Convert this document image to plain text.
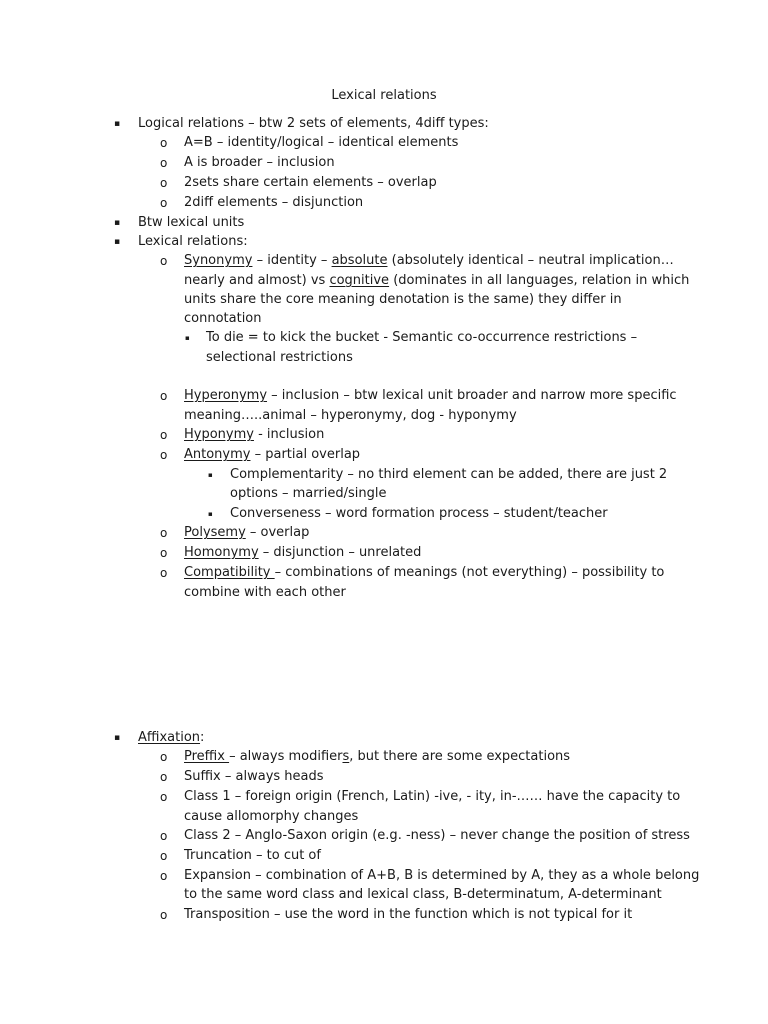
Lexical relations
▪ Logical relations – btw 2 sets of elements, 4diff types:
o A=B – identity/logical – identical elements
o A is broader – inclusion
o 2sets share certain elements – overlap
o 2diff elements – disjunction
▪ Btw lexical units
▪ Lexical relations:
o Synonymy – identity – absolute (absolutely identical – neutral implication…
nearly and almost) vs cognitive (dominates in all languages, relation in which
units share the core meaning denotation is the same) they differ in
connotation
▪ To die = to kick the bucket - Semantic co-occurrence restrictions –
selectional restrictions
o Hyperonymy – inclusion – btw lexical unit broader and narrow more specific
meaning…..animal – hyperonymy, dog - hyponymy
o Hyponymy - inclusion
o Antonymy – partial overlap
▪ Complementarity – no third element can be added, there are just 2
options – married/single
▪ Converseness – word formation process – student/teacher
o Polysemy – overlap
o Homonymy – disjunction – unrelated
o Compatibility – combinations of meanings (not everything) – possibility to
combine with each other
▪ Affixation:
o Preffix – always modifiers, but there are some expectations
o Suffix – always heads
o Class 1 – foreign origin (French, Latin) -ive, - ity, in-…… have the capacity to
cause allomorphy changes
o Class 2 – Anglo-Saxon origin (e.g. -ness) – never change the position of stress
o Truncation – to cut of
o Expansion – combination of A+B, B is determined by A, they as a whole belong
to the same word class and lexical class, B-determinatum, A-determinant
o Transposition – use the word in the function which is not typical for it
